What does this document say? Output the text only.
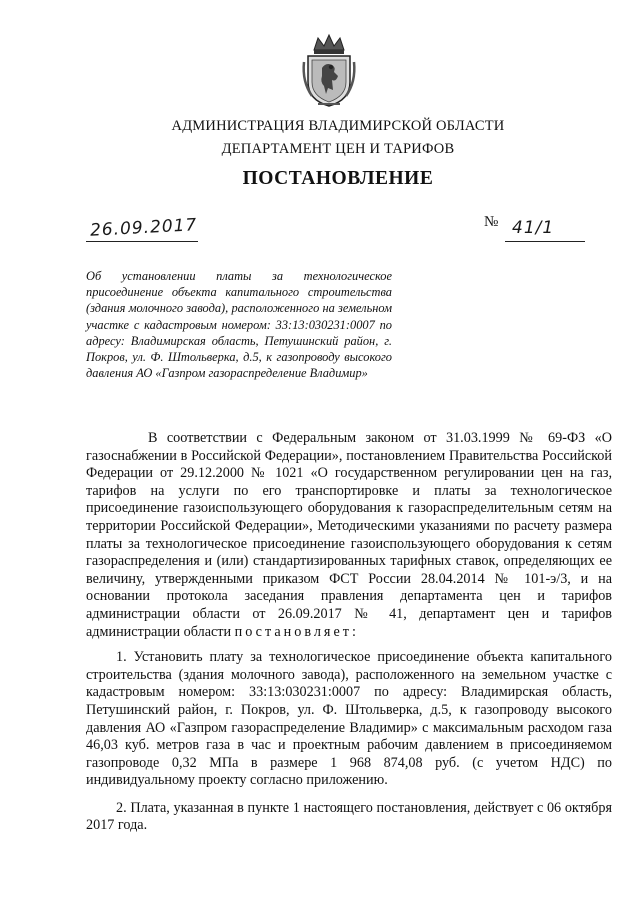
АДМИНИСТРАЦИЯ ВЛАДИМИРСКОЙ ОБЛАСТИ
ДЕПАРТАМЕНТ ЦЕН И ТАРИФОВ
ПОСТАНОВЛЕНИЕ
26.09.2017	№ 41/1
Об установлении платы за технологическое присоединение объекта капитального строительства (здания молочного завода), расположенного на земельном участке с кадастровым номером: 33:13:030231:0007 по адресу: Владимирская область, Петушинский район, г. Покров, ул. Ф. Штольверка, д.5, к газопроводу высокого давления АО «Газпром газораспределение Владимир»

В соответствии с Федеральным законом от 31.03.1999 № 69-ФЗ «О газоснабжении в Российской Федерации», постановлением Правительства Российской Федерации от 29.12.2000 № 1021 «О государственном регулировании цен на газ, тарифов на услуги по его транспортировке и платы за технологическое присоединение газоиспользующего оборудования к газораспределительным сетям на территории Российской Федерации», Методическими указаниями по расчету размера платы за технологическое присоединение газоиспользующего оборудования к сетям газораспределения и (или) стандартизированных тарифных ставок, определяющих ее величину, утвержденными приказом ФСТ России 28.04.2014 № 101-э/3, и на основании протокола заседания правления департамента цен и тарифов администрации области от 26.09.2017 № 41, департамент цен и тарифов администрации области постановляет:

1. Установить плату за технологическое присоединение объекта капитального строительства (здания молочного завода), расположенного на земельном участке с кадастровым номером: 33:13:030231:0007 по адресу: Владимирская область, Петушинский район, г. Покров, ул. Ф. Штольверка, д.5, к газопроводу высокого давления АО «Газпром газораспределение Владимир» с максимальным расходом газа 46,03 куб. метров газа в час и проектным рабочим давлением в присоединяемом газопроводе 0,32 МПа в размере 1 968 874,08 руб. (с учетом НДС) по индивидуальному проекту согласно приложению.

2. Плата, указанная в пункте 1 настоящего постановления, действует с 06 октября 2017 года.
